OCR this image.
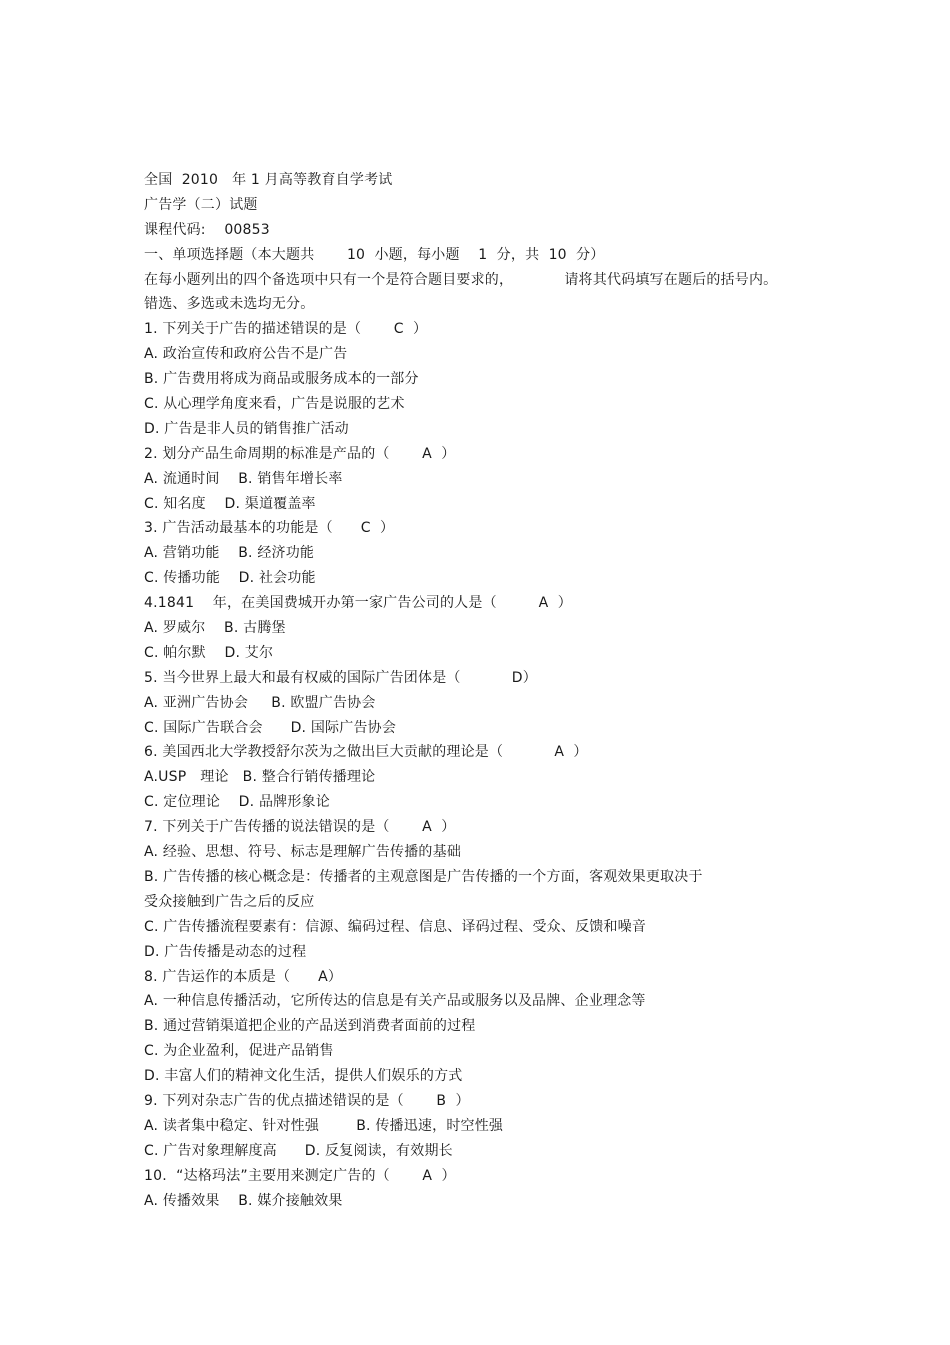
全国  2010   年 1 月高等教育自学考试
广告学（二）试题
课程代码:    00853
一、单项选择题（本大题共       10  小题，每小题    1  分，共  10  分）
在每小题列出的四个备选项中只有一个是符合题目要求的，           请将其代码填写在题后的括号内。
错选、多选或未选均无分。
1. 下列关于广告的描述错误的是（       C  ）
A. 政治宣传和政府公告不是广告
B. 广告费用将成为商品或服务成本的一部分
C. 从心理学角度来看，广告是说服的艺术
D. 广告是非人员的销售推广活动
2. 划分产品生命周期的标准是产品的（       A  ）
A. 流通时间    B. 销售年增长率
C. 知名度    D. 渠道覆盖率
3. 广告活动最基本的功能是（      C  ）
A. 营销功能    B. 经济功能
C. 传播功能    D. 社会功能
4.1841    年，在美国费城开办第一家广告公司的人是（         A  ）
A. 罗威尔    B. 古腾堡
C. 帕尔默    D. 艾尔
5. 当今世界上最大和最有权威的国际广告团体是（           D）
A. 亚洲广告协会     B. 欧盟广告协会
C. 国际广告联合会      D. 国际广告协会
6. 美国西北大学教授舒尔茨为之做出巨大贡献的理论是（           A  ）
A.USP   理论   B. 整合行销传播理论
C. 定位理论    D. 品牌形象论
7. 下列关于广告传播的说法错误的是（       A  ）
A. 经验、思想、符号、标志是理解广告传播的基础
B. 广告传播的核心概念是：传播者的主观意图是广告传播的一个方面，客观效果更取决于
受众接触到广告之后的反应
C. 广告传播流程要素有：信源、编码过程、信息、译码过程、受众、反馈和噪音
D. 广告传播是动态的过程
8. 广告运作的本质是（      A）
A. 一种信息传播活动，它所传达的信息是有关产品或服务以及品牌、企业理念等
B. 通过营销渠道把企业的产品送到消费者面前的过程
C. 为企业盈利，促进产品销售
D. 丰富人们的精神文化生活，提供人们娱乐的方式
9. 下列对杂志广告的优点描述错误的是（       B  ）
A. 读者集中稳定、针对性强        B. 传播迅速，时空性强
C. 广告对象理解度高      D. 反复阅读，有效期长
10.  “达格玛法”主要用来测定广告的（       A  ）
A. 传播效果    B. 媒介接触效果
